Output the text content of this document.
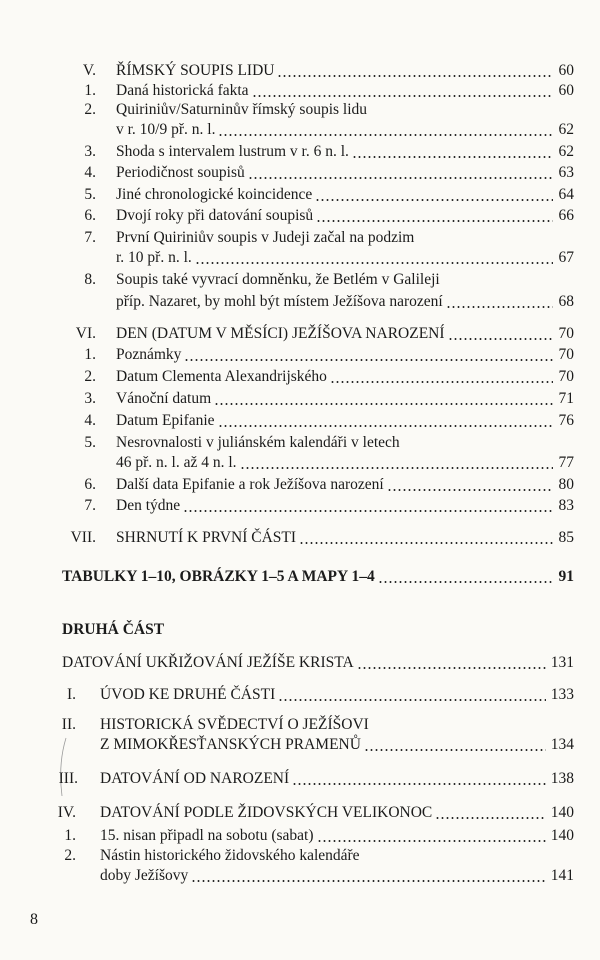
8
V. ŘÍMSKÝ SOUPIS LIDU	60
1. Daná historická fakta	60
2. Quiriniův/Saturninův římský soupis lidu
v r. 10/9 př. n. l.	62
3. Shoda s intervalem lustrum v r. 6 n. l.	62
4. Periodičnost soupisů	63
5. Jiné chronologické koincidence	64
6. Dvojí roky při datování soupisů	66
7. První Quiriniův soupis v Judeji začal na podzim
r. 10 př. n. l.	67
8. Soupis také vyvrací domněnku, že Betlém v Galileji
příp. Nazaret, by mohl být místem Ježíšova narození	68
VI. DEN (DATUM V MĚSÍCI) JEŽÍŠOVA NAROZENÍ	70
1. Poznámky	70
2. Datum Clementa Alexandrijského	70
3. Vánoční datum	71
4. Datum Epifanie	76
5. Nesrovnalosti v juliánském kalendáři v letech
46 př. n. l. až 4 n. l.	77
6. Další data Epifanie a rok Ježíšova narození	80
7. Den týdne	83
VII. SHRNUTÍ K PRVNÍ ČÁSTI	85
TABULKY 1–10, OBRÁZKY 1–5 A MAPY 1–4	91
DRUHÁ ČÁST
DATOVÁNÍ UKŘIŽOVÁNÍ JEŽÍŠE KRISTA	131
I. ÚVOD KE DRUHÉ ČÁSTI	133
II. HISTORICKÁ SVĚDECTVÍ O JEŽÍŠOVI
Z MIMOKŘESŤANSKÝCH PRAMENŮ	134
III. DATOVÁNÍ OD NAROZENÍ	138
IV. DATOVÁNÍ PODLE ŽIDOVSKÝCH VELIKONOC	140
1. 15. nisan připadl na sobotu (sabat)	140
2. Nástin historického židovského kalendáře
doby Ježíšovy	141
